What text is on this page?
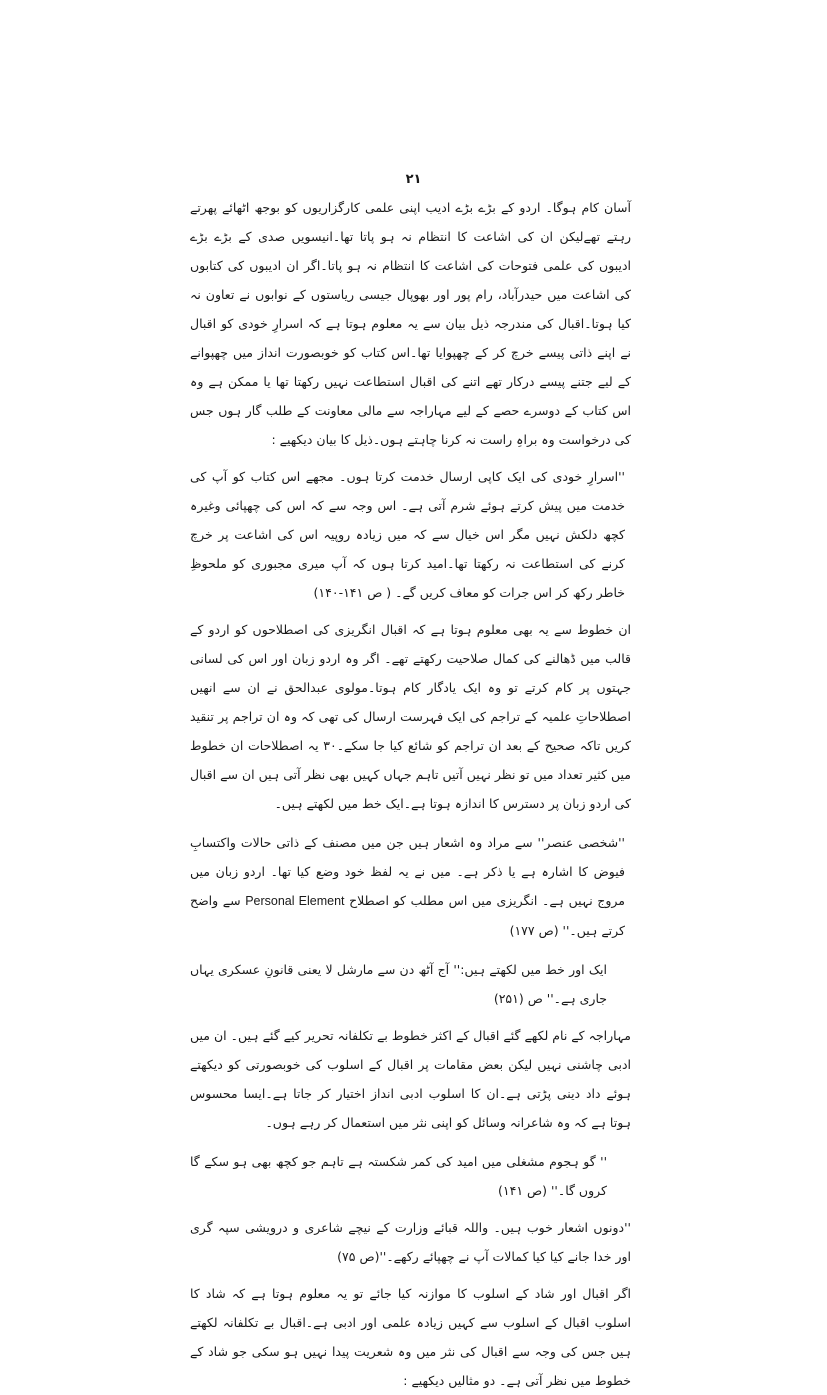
۲۱

آسان کام ہوگا۔ اردو کے بڑے بڑے ادیب اپنی علمی کارگزاریوں کو بوجھ اٹھائے پھرتے رہتے تھےلیکن ان کی اشاعت کا انتظام نہ ہو پاتا تھا۔انیسویں صدی کے بڑے بڑے ادیبوں کی علمی فتوحات کی اشاعت کا انتظام نہ ہو پاتا۔اگر ان ادیبوں کی کتابوں کی اشاعت میں حیدرآباد، رام پور اور بھوپال جیسی ریاستوں کے نوابوں نے تعاون نہ کیا ہوتا۔اقبال کی مندرجہ ذیل بیان سے یہ معلوم ہوتا ہے کہ اسرارِ خودی کو اقبال نے اپنے ذاتی پیسے خرچ کر کے چھپوایا تھا۔اس کتاب کو خوبصورت انداز میں چھپوانے کے لیے جتنے پیسے درکار تھے اتنے کی اقبال استطاعت نہیں رکھتا تھا یا ممکن ہے وہ اس کتاب کے دوسرے حصے کے لیے مہاراجہ سے مالی معاونت کے طلب گار ہوں جس کی درخواست وہ براہِ راست نہ کرنا چاہتے ہوں۔ذیل کا بیان دیکھیے :

''اسرارِ خودی کی ایک کاپی ارسال خدمت کرتا ہوں۔ مجھے اس کتاب کو آپ کی خدمت میں پیش کرتے ہوئے شرم آتی ہے۔ اس وجہ سے کہ اس کی چھپائی وغیرہ کچھ دلکش نہیں مگر اس خیال سے کہ میں زیادہ روپیہ اس کی اشاعت پر خرچ کرنے کی استطاعت نہ رکھتا تھا۔امید کرتا ہوں کہ آپ میری مجبوری کو ملحوظِ خاطر رکھ کر اس جرات کو معاف کریں گے۔ ( ص ۱۴۱-۱۴۰)

ان خطوط سے یہ بھی معلوم ہوتا ہے کہ اقبال انگریزی کی اصطلاحوں کو اردو کے قالب میں ڈھالنے کی کمال صلاحیت رکھتے تھے۔ اگر وہ اردو زبان اور اس کی لسانی جہتوں پر کام کرتے تو وہ ایک یادگار کام ہوتا۔مولوی عبدالحق نے ان سے انھیں اصطلاحاتِ علمیہ کے تراجم کی ایک فہرست ارسال کی تھی کہ وہ ان تراجم پر تنقید کریں تاکہ صحیح کے بعد ان تراجم کو شائع کیا جا سکے۔۳۰ یہ اصطلاحات ان خطوط میں کثیر تعداد میں تو نظر نہیں آتیں تاہم جہاں کہیں بھی نظر آتی ہیں ان سے اقبال کی اردو زبان پر دسترس کا اندازہ ہوتا ہے۔ایک خط میں لکھتے ہیں۔

''شخصی عنصر'' سے مراد وہ اشعار ہیں جن میں مصنف کے ذاتی حالات واکتسابِ فیوض کا اشارہ ہے یا ذکر ہے۔ میں نے یہ لفظ خود وضع کیا تھا۔ اردو زبان میں مروج نہیں ہے۔ انگریزی میں اس مطلب کو اصطلاح Personal Element سے واضح کرتے ہیں۔'' (ص ۱۷۷)

ایک اور خط میں لکھتے ہیں:'' آج آٹھ دن سے مارشل لا یعنی قانونِ عسکری یہاں جاری ہے۔'' ص (۲۵۱)

مہاراجہ کے نام لکھے گئے اقبال کے اکثر خطوط بے تکلفانہ تحریر کیے گئے ہیں۔ ان میں ادبی چاشنی نہیں لیکن بعض مقامات پر اقبال کے اسلوب کی خوبصورتی کو دیکھتے ہوئے داد دینی پڑتی ہے۔ان کا اسلوب ادبی انداز اختیار کر جاتا ہے۔ایسا محسوس ہوتا ہے کہ وہ شاعرانہ وسائل کو اپنی نثر میں استعمال کر رہے ہوں۔

'' گو ہجوم مشغلی میں امید کی کمر شکستہ ہے تاہم جو کچھ بھی ہو سکے گا کروں گا۔'' (ص ۱۴۱)

''دونوں اشعار خوب ہیں۔ واللہ قبائے وزارت کے نیچے شاعری و درویشی سپہ گری اور خدا جانے کیا کیا کمالات آپ نے چھپائے رکھے۔''(ص ۷۵)

اگر اقبال اور شاد کے اسلوب کا موازنہ کیا جائے تو یہ معلوم ہوتا ہے کہ شاد کا اسلوب اقبال کے اسلوب سے کہیں زیادہ علمی اور ادبی ہے۔اقبال بے تکلفانہ لکھتے ہیں جس کی وجہ سے اقبال کی نثر میں وہ شعریت پیدا نہیں ہو سکی جو شاد کے خطوط میں نظر آتی ہے۔ دو مثالیں دیکھیے :
